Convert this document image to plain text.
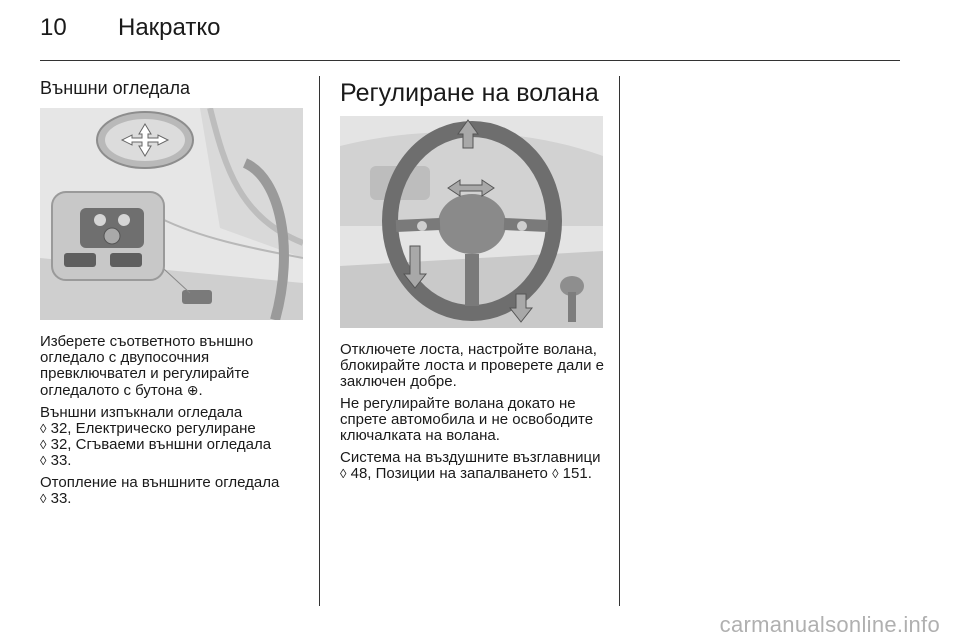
10 Накратко
Външни огледала

Изберете съответното външно огледало с двупосочния превключвател и регулирайте огледалото с бутона ⊕.

Външни изпъкнали огледала
◊ 32, Електрическо регулиране
◊ 32, Сгъваеми външни огледала
◊ 33.

Отопление на външните огледала
◊ 33.

Регулиране на волана

Отключете лоста, настройте волана, блокирайте лоста и проверете дали е заключен добре.

Не регулирайте волана докато не спрете автомобила и не освободите ключалката на волана.

Система на въздушните възглавници ◊ 48, Позиции на запалването ◊ 151.

carmanualsonline.info
